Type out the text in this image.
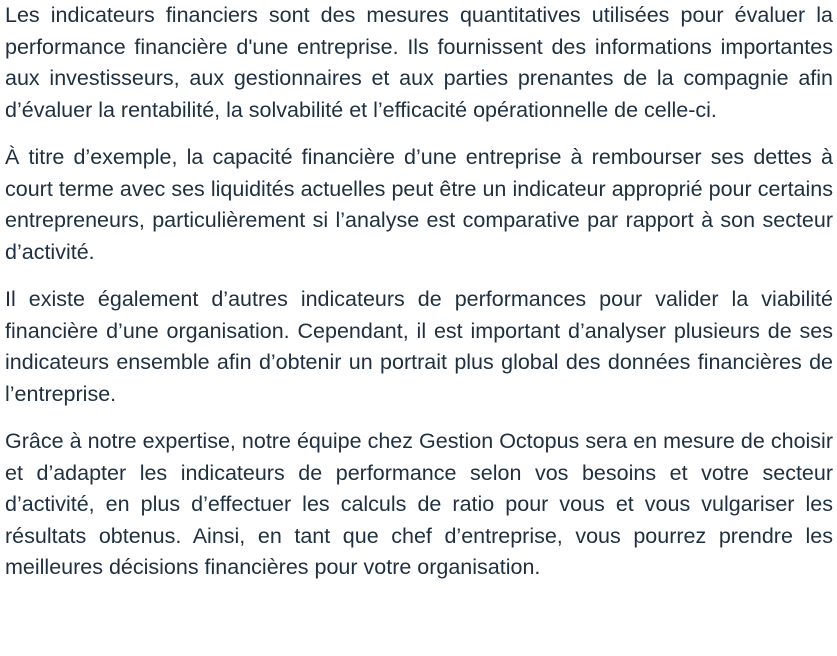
Les indicateurs financiers sont des mesures quantitatives utilisées pour évaluer la performance financière d'une entreprise. Ils fournissent des informations importantes aux investisseurs, aux gestionnaires et aux parties prenantes de la compagnie afin d’évaluer la rentabilité, la solvabilité et l’efficacité opérationnelle de celle-ci.

À titre d’exemple, la capacité financière d’une entreprise à rembourser ses dettes à court terme avec ses liquidités actuelles peut être un indicateur approprié pour certains entrepreneurs, particulièrement si l’analyse est comparative par rapport à son secteur d’activité.

Il existe également d’autres indicateurs de performances pour valider la viabilité financière d’une organisation. Cependant, il est important d’analyser plusieurs de ses indicateurs ensemble afin d’obtenir un portrait plus global des données financières de l’entreprise.

Grâce à notre expertise, notre équipe chez Gestion Octopus sera en mesure de choisir et d’adapter les indicateurs de performance selon vos besoins et votre secteur d’activité, en plus d’effectuer les calculs de ratio pour vous et vous vulgariser les résultats obtenus. Ainsi, en tant que chef d’entreprise, vous pourrez prendre les meilleures décisions financières pour votre organisation.
